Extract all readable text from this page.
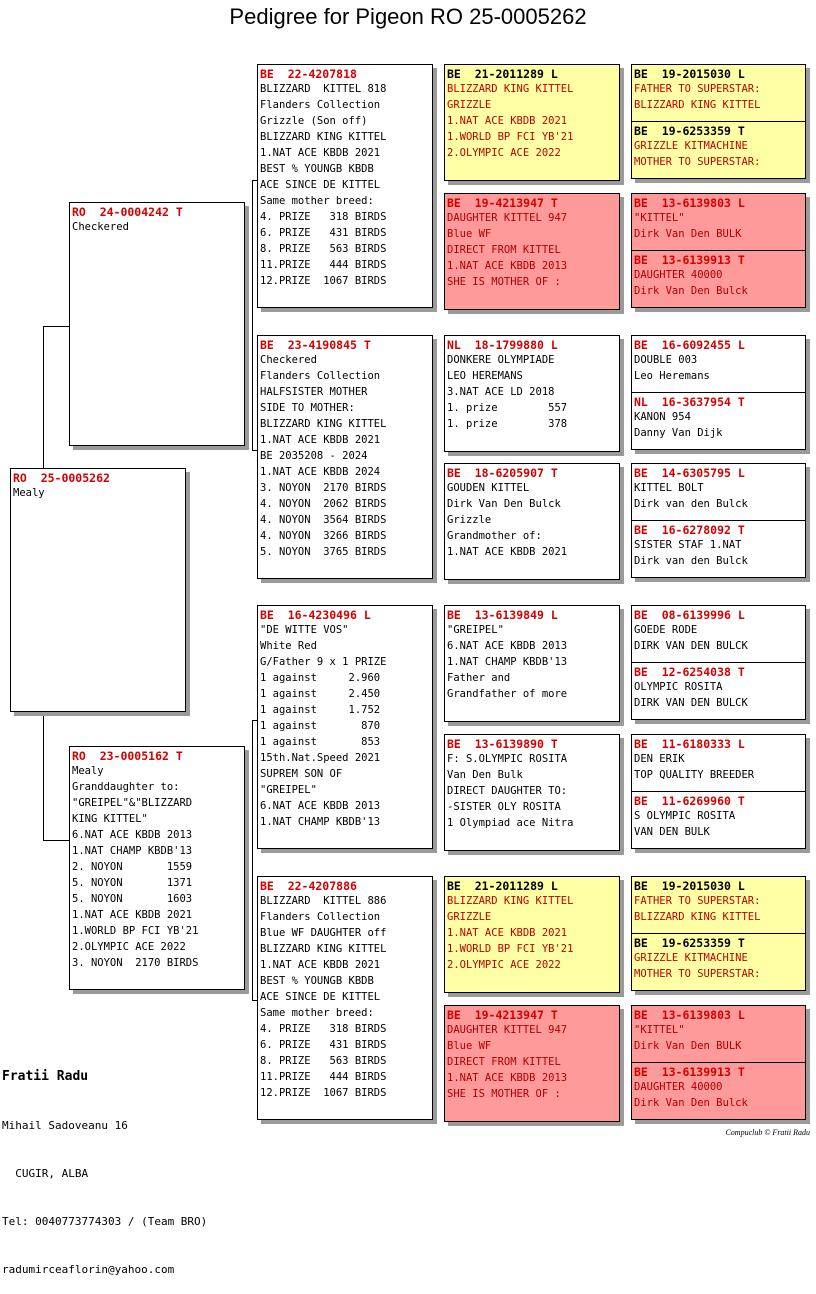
Pedigree for Pigeon RO 25-0005262
RO  25-0005262
Mealy
RO  24-0004242 T
Checkered
RO  23-0005162 T
Mealy
Granddaughter to:
"GREIPEL"&"BLIZZARD
KING KITTEL"
6.NAT ACE KBDB 2013
1.NAT CHAMP KBDB'13
2. NOYON       1559
5. NOYON       1371
5. NOYON       1603
1.NAT ACE KBDB 2021
1.WORLD BP FCI YB'21
2.OLYMPIC ACE 2022
3. NOYON  2170 BIRDS
BE  22-4207818
BLIZZARD  KITTEL 818
Flanders Collection
Grizzle (Son off)
BLIZZARD KING KITTEL
1.NAT ACE KBDB 2021
BEST % YOUNGB KBDB
ACE SINCE DE KITTEL
Same mother breed:
4. PRIZE   318 BIRDS
6. PRIZE   431 BIRDS
8. PRIZE   563 BIRDS
11.PRIZE   444 BIRDS
12.PRIZE  1067 BIRDS
BE  23-4190845 T
Checkered
Flanders Collection
HALFSISTER MOTHER
SIDE TO MOTHER:
BLIZZARD KING KITTEL
1.NAT ACE KBDB 2021
BE 2035208 - 2024
1.NAT ACE KBDB 2024
3. NOYON  2170 BIRDS
4. NOYON  2062 BIRDS
4. NOYON  3564 BIRDS
4. NOYON  3266 BIRDS
5. NOYON  3765 BIRDS
BE  16-4230496 L
"DE WITTE VOS"
White Red
G/Father 9 x 1 PRIZE
1 against     2.960
1 against     2.450
1 against     1.752
1 against       870
1 against       853
15th.Nat.Speed 2021
SUPREM SON OF
"GREIPEL"
6.NAT ACE KBDB 2013
1.NAT CHAMP KBDB'13
BE  22-4207886
BLIZZARD  KITTEL 886
Flanders Collection
Blue WF DAUGHTER off
BLIZZARD KING KITTEL
1.NAT ACE KBDB 2021
BEST % YOUNGB KBDB
ACE SINCE DE KITTEL
Same mother breed:
4. PRIZE   318 BIRDS
6. PRIZE   431 BIRDS
8. PRIZE   563 BIRDS
11.PRIZE   444 BIRDS
12.PRIZE  1067 BIRDS
BE  21-2011289 L
BLIZZARD KING KITTEL
GRIZZLE
1.NAT ACE KBDB 2021
1.WORLD BP FCI YB'21
2.OLYMPIC ACE 2022
BE  19-4213947 T
DAUGHTER KITTEL 947
Blue WF
DIRECT FROM KITTEL
1.NAT ACE KBDB 2013
SHE IS MOTHER OF :
NL  18-1799880 L
DONKERE OLYMPIADE
LEO HEREMANS
3.NAT ACE LD 2018
1. prize        557
1. prize        378
BE  18-6205907 T
GOUDEN KITTEL
Dirk Van Den Bulck
Grizzle
Grandmother of:
1.NAT ACE KBDB 2021
BE  13-6139849 L
"GREIPEL"
6.NAT ACE KBDB 2013
1.NAT CHAMP KBDB'13
Father and
Grandfather of more
BE  13-6139890 T
F: S.OLYMPIC ROSITA
Van Den Bulk
DIRECT DAUGHTER TO:
-SISTER OLY ROSITA
1 Olympiad ace Nitra
BE  21-2011289 L
BLIZZARD KING KITTEL
GRIZZLE
1.NAT ACE KBDB 2021
1.WORLD BP FCI YB'21
2.OLYMPIC ACE 2022
BE  19-4213947 T
DAUGHTER KITTEL 947
Blue WF
DIRECT FROM KITTEL
1.NAT ACE KBDB 2013
SHE IS MOTHER OF :
BE  19-2015030 L
FATHER TO SUPERSTAR:
BLIZZARD KING KITTEL
BE  19-6253359 T
GRIZZLE KITMACHINE
MOTHER TO SUPERSTAR:
BE  13-6139803 L
"KITTEL"
Dirk Van Den BULK
BE  13-6139913 T
DAUGHTER 40000
Dirk Van Den Bulck
BE  16-6092455 L
DOUBLE 003
Leo Heremans
NL  16-3637954 T
KANON 954
Danny Van Dijk
BE  14-6305795 L
KITTEL BOLT
Dirk van den Bulck
BE  16-6278092 T
SISTER STAF 1.NAT
Dirk van den Bulck
BE  08-6139996 L
GOEDE RODE
DIRK VAN DEN BULCK
BE  12-6254038 T
OLYMPIC ROSITA
DIRK VAN DEN BULCK
BE  11-6180333 L
DEN ERIK
TOP QUALITY BREEDER
BE  11-6269960 T
S OLYMPIC ROSITA
VAN DEN BULK
BE  19-2015030 L
FATHER TO SUPERSTAR:
BLIZZARD KING KITTEL
BE  19-6253359 T
GRIZZLE KITMACHINE
MOTHER TO SUPERSTAR:
BE  13-6139803 L
"KITTEL"
Dirk Van Den BULK
BE  13-6139913 T
DAUGHTER 40000
Dirk Van Den Bulck

Fratii Radu

Mihail Sadoveanu 16

CUGIR, ALBA

Tel: 0040773774303 / (Team BRO)

radumirceaflorin@yahoo.com

Compuclub © Fratii Radu
